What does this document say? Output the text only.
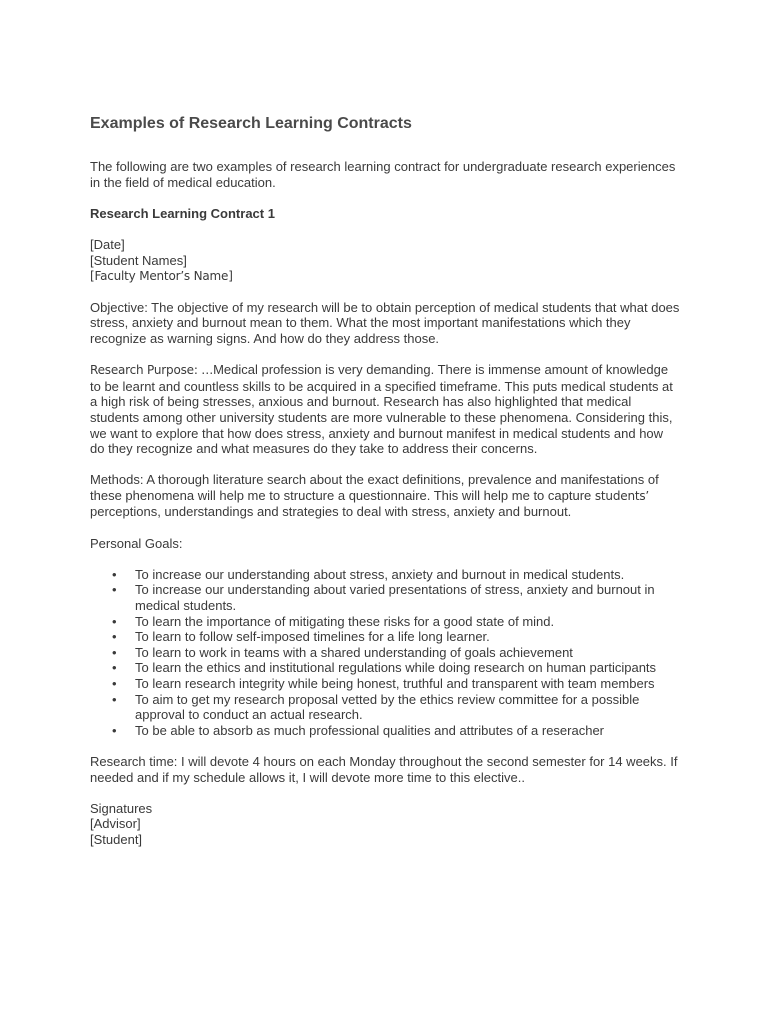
Examples of Research Learning Contracts

The following are two examples of research learning contract for undergraduate research experiences in the field of medical education.

Research Learning Contract 1

[Date]
[Student Names]
[Faculty Mentor’s Name]

Objective: The objective of my research will be to obtain perception of medical students that what does stress, anxiety and burnout mean to them. What the most important manifestations which they recognize as warning signs. And how do they address those.

Research Purpose: …Medical profession is very demanding. There is immense amount of knowledge to be learnt and countless skills to be acquired in a specified timeframe. This puts medical students at a high risk of being stresses, anxious and burnout. Research has also highlighted that medical students among other university students are more vulnerable to these phenomena. Considering this, we want to explore that how does stress, anxiety and burnout manifest in medical students and how do they recognize and what measures do they take to address their concerns.

Methods: A thorough literature search about the exact definitions, prevalence and manifestations of these phenomena will help me to structure a questionnaire. This will help me to capture students’ perceptions, understandings and strategies to deal with stress, anxiety and burnout.

Personal Goals:

• To increase our understanding about stress, anxiety and burnout in medical students.
• To increase our understanding about varied presentations of stress, anxiety and burnout in medical students.
• To learn the importance of mitigating these risks for a good state of mind.
• To learn to follow self-imposed timelines for a life long learner.
• To learn to work in teams with a shared understanding of goals achievement
• To learn the ethics and institutional regulations while doing research on human participants
• To learn research integrity while being honest, truthful and transparent with team members
• To aim to get my research proposal vetted by the ethics review committee for a possible approval to conduct an actual research.
• To be able to absorb as much professional qualities and attributes of a reseracher

Research time: I will devote 4 hours on each Monday throughout the second semester for 14 weeks. If needed and if my schedule allows it, I will devote more time to this elective..

Signatures
[Advisor]
[Student]
